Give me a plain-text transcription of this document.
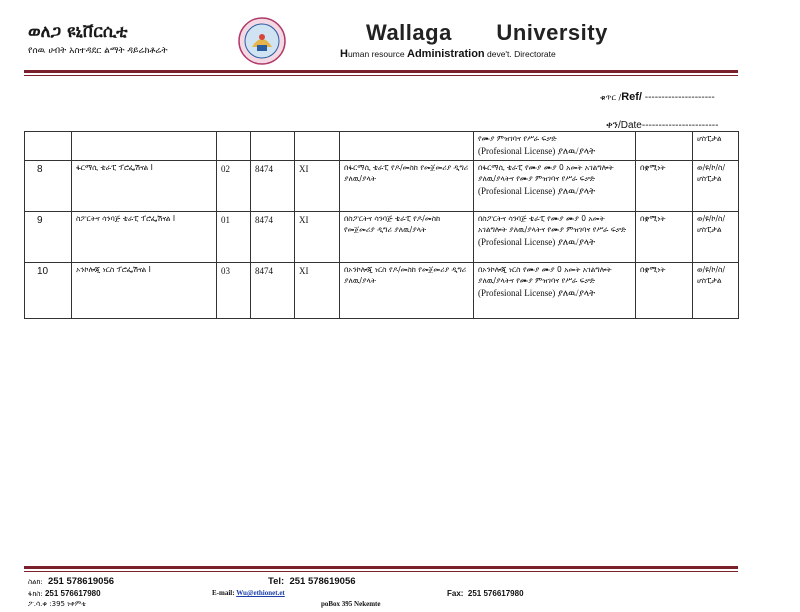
ወለጋ ዩኒቨርሲቲ
የሰዉ ሀብት አስተዳደር ልማት ዳይሬክቶሬት
Wallaga University
Human resource Administration deve't. Directorate
ቁጥር /Ref/ ---------------------
ቀን/Date-----------------------
						የሙያ ምዝገባና የሥራ ፍቃድ
(Profesional License) ያለዉ/ያላት		ሆስፒታል
8	ፋርማሲ ቴራፒ ፕሮፌሽናል I	02	8474	XI	በፋርማሲ ቴራፒ የዶ/መስከ የመጀመሪያ ዲግሪ ያለዉ/ያላት	በፋርማሲ ቴራፒ የሙያ ሙያ 0 አመት አገልግሎት ያለዉ/ያላትና የሙያ ምዝገባና የሥራ ፍቃድ (Profesional License) ያለዉ/ያላት	በቋሚነት	ወ/ዩ/ኮ/ስ/ ሆስፒታል
9	ስፖርትና ሳንባጅ ቴራፒ ፕሮፌሽናል I	01	8474	XI	በስፖርትና ሳንባጅ ቴራፒ የዶ/መስከ የመጀመሪያ ዲግሪ ያለዉ/ያላት	በስፖርትና ሳንባጅ ቴራፒ የሙያ ሙያ 0 አመት አገልግሎት ያለዉ/ያላትና የሙያ ምዝገባና የሥራ ፍቃድ (Profesional License) ያለዉ/ያላት	በቋሚነት	ወ/ዩ/ኮ/ስ/ ሆስፒታል
10	ኦንኮሎጂ ነርስ ፕሮፌሽናል I	03	8474	XI	በኦንኮሎጂ ነርስ የዶ/መስከ የመጀመሪያ ዲግሪ ያለዉ/ያላት	በኦንኮሎጂ ነርስ የሙያ ሙያ 0 አመት አገልግሎት ያለዉ/ያላትና የሙያ ምዝገባና የሥራ ፍቃድ (Profesional License) ያለዉ/ያላት	በቋሚነት	ወ/ዩ/ኮ/ስ/ ሆስፒታል
ስልክ: 251 578619056	Tel: 251 578619056
ፋክስ: 251 576617980	E-mail: Wu@ethionet.et	Fax: 251 576617980
ፖ.ሳ.ቁ :395 ነቀምቴ	poBox 395 Nekemte
